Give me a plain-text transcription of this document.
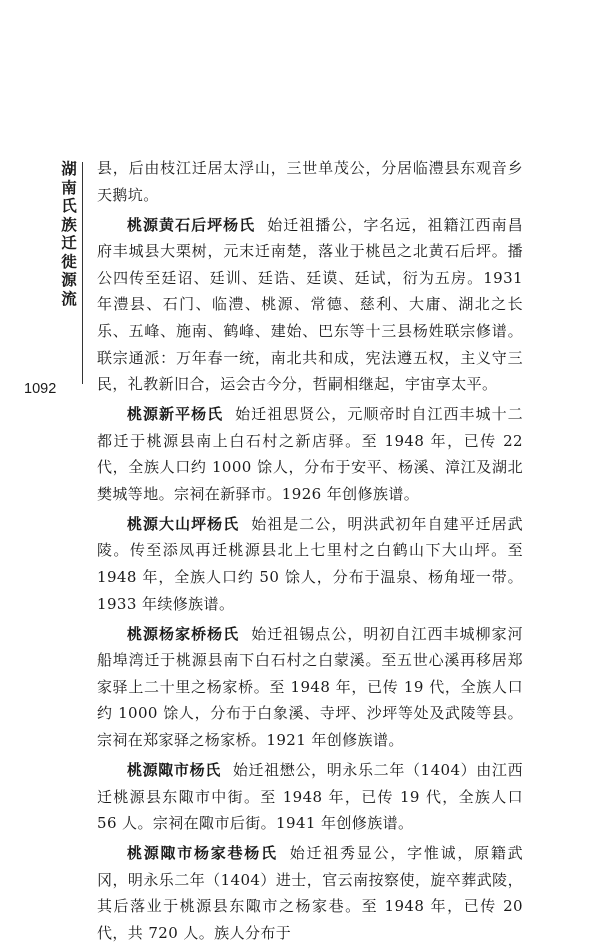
湖
南
氏
族
迁
徙
源
流
1092

县，后由枝江迁居太浮山，三世单茂公，分居临澧县东观音乡天鹅坑。

桃源黄石后坪杨氏 始迁祖播公，字名远，祖籍江西南昌府丰城县大栗树，元末迁南楚，落业于桃邑之北黄石后坪。播公四传至廷诏、廷训、廷诰、廷谟、廷试，衍为五房。1931 年澧县、石门、临澧、桃源、常德、慈利、大庸、湖北之长乐、五峰、施南、鹤峰、建始、巴东等十三县杨姓联宗修谱。联宗通派：万年春一统，南北共和成，宪法遵五权，主义守三民，礼教新旧合，运会古今分，哲嗣相继起，宇宙享太平。

桃源新平杨氏 始迁祖思贤公，元顺帝时自江西丰城十二都迁于桃源县南上白石村之新店驿。至 1948 年，已传 22 代，全族人口约 1000 馀人，分布于安平、杨溪、漳江及湖北樊城等地。宗祠在新驿市。1926 年创修族谱。

桃源大山坪杨氏 始祖是二公，明洪武初年自建平迁居武陵。传至添凤再迁桃源县北上七里村之白鹤山下大山坪。至 1948 年，全族人口约 50 馀人，分布于温泉、杨角垭一带。1933 年续修族谱。

桃源杨家桥杨氏 始迁祖锡点公，明初自江西丰城柳家河船埠湾迁于桃源县南下白石村之白蒙溪。至五世心溪再移居郑家驿上二十里之杨家桥。至 1948 年，已传 19 代，全族人口约 1000 馀人，分布于白象溪、寺坪、沙坪等处及武陵等县。宗祠在郑家驿之杨家桥。1921 年创修族谱。

桃源陬市杨氏 始迁祖懋公，明永乐二年（1404）由江西迁桃源县东陬市中街。至 1948 年，已传 19 代，全族人口 56 人。宗祠在陬市后街。1941 年创修族谱。

桃源陬市杨家巷杨氏 始迁祖秀显公，字惟诚，原籍武冈，明永乐二年（1404）进士，官云南按察使，旋卒葬武陵，其后落业于桃源县东陬市之杨家巷。至 1948 年，已传 20 代，共 720 人。族人分布于
